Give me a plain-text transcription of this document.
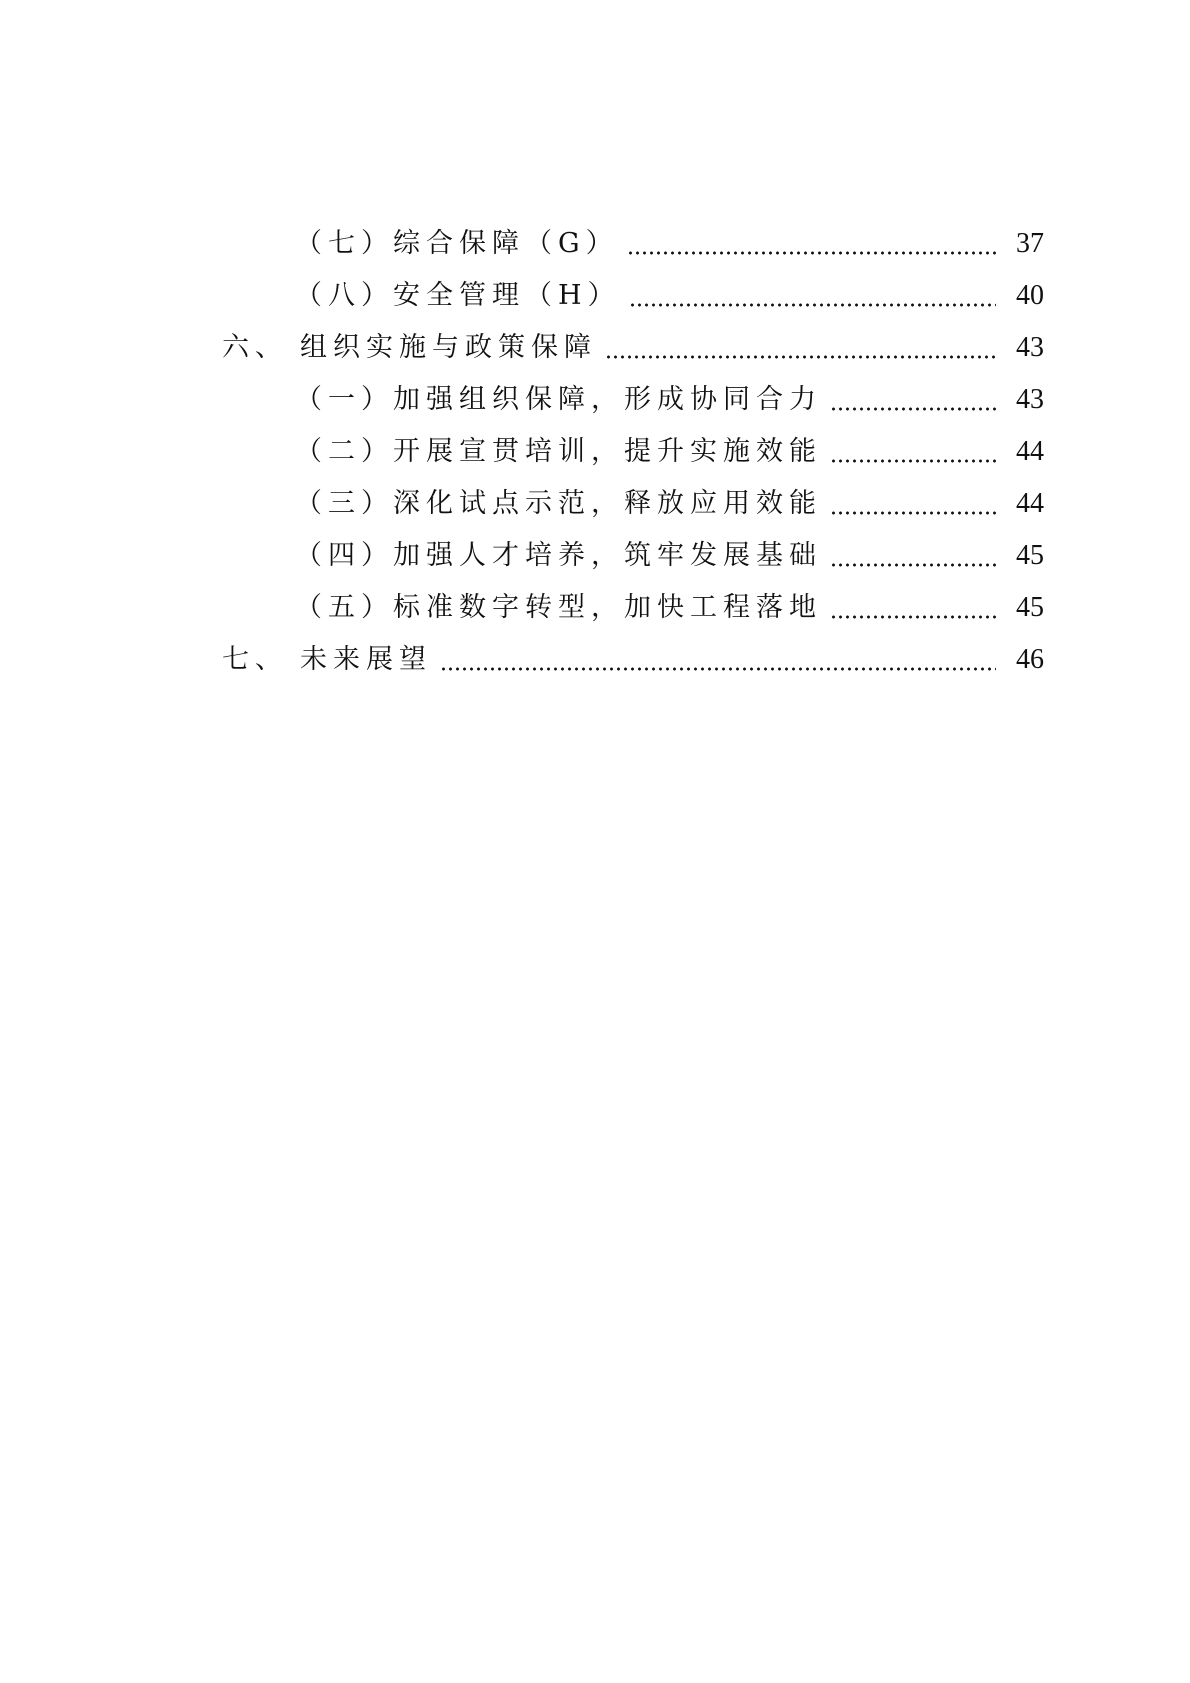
（七） 综合保障（G）	37
（八） 安全管理（H）	40
六、 组织实施与政策保障	43
（一） 加强组织保障，形成协同合力	43
（二） 开展宣贯培训，提升实施效能	44
（三） 深化试点示范，释放应用效能	44
（四） 加强人才培养，筑牢发展基础	45
（五） 标准数字转型，加快工程落地	45
七、 未来展望	46
